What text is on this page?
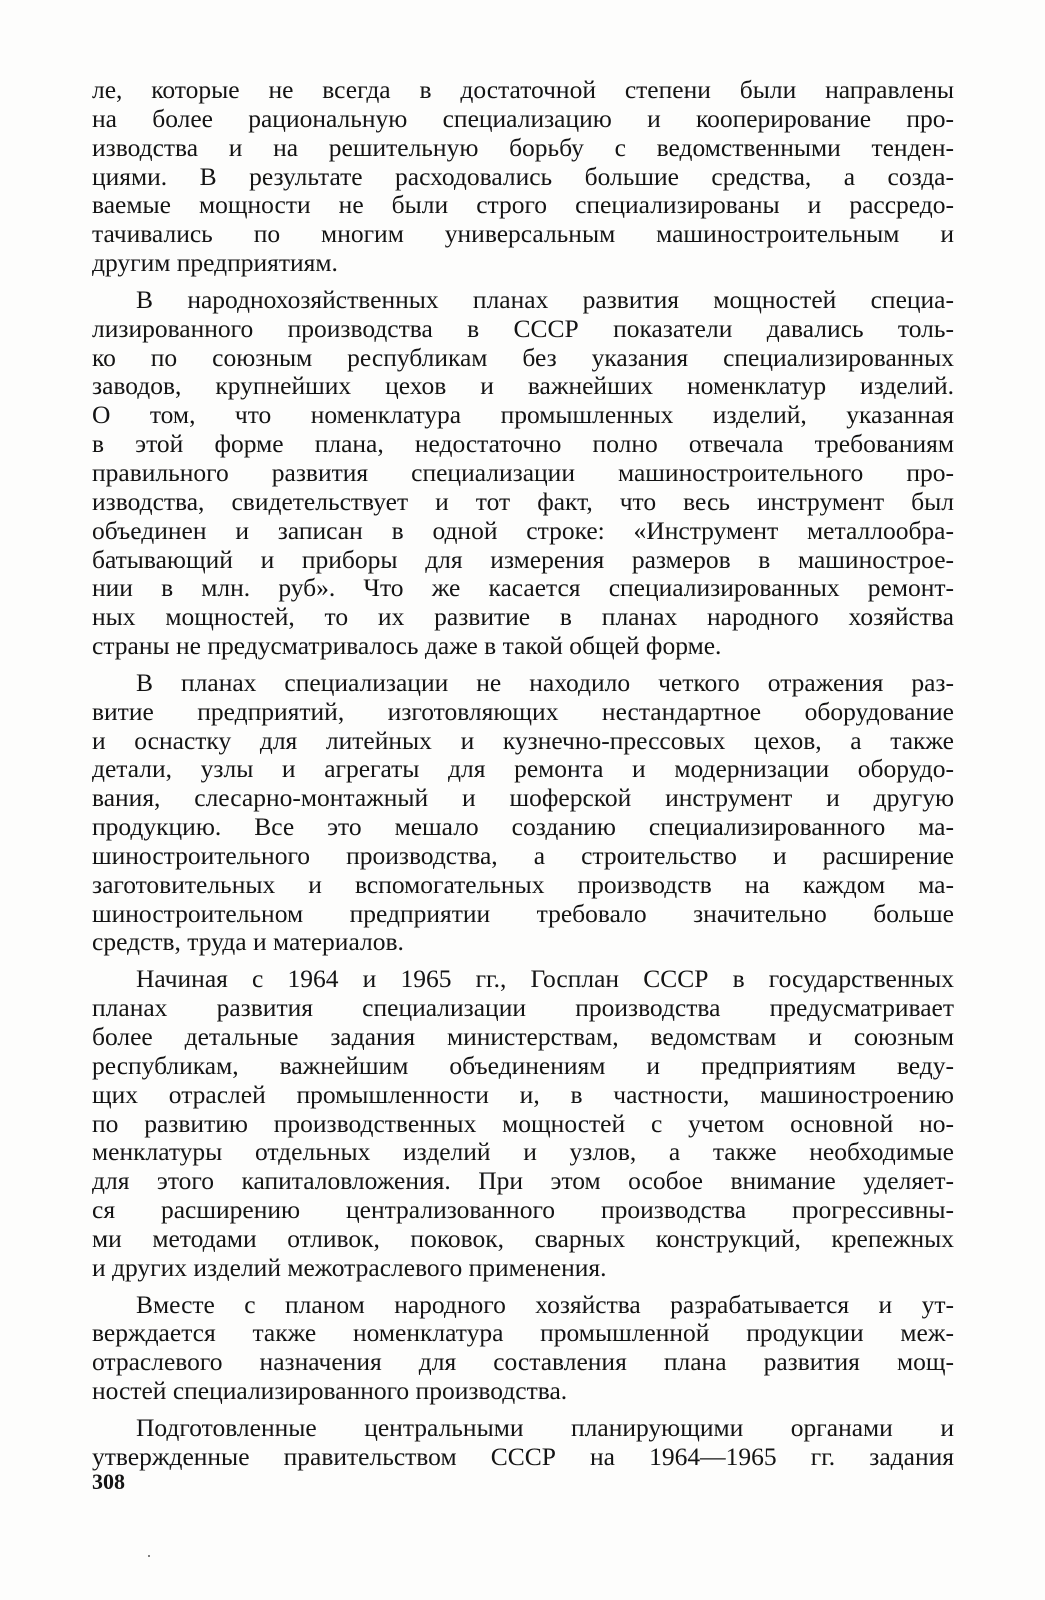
ле, которые не всегда в достаточной степени были направлены
на более рациональную специализацию и кооперирование про-
изводства и на решительную борьбу с ведомственными тенден-
циями. В результате расходовались большие средства, а созда-
ваемые мощности не были строго специализированы и рассредо-
тачивались по многим универсальным машиностроительным и
другим предприятиям.
В народнохозяйственных планах развития мощностей специа-
лизированного производства в СССР показатели давались толь-
ко по союзным республикам без указания специализированных
заводов, крупнейших цехов и важнейших номенклатур изделий.
О том, что номенклатура промышленных изделий, указанная
в этой форме плана, недостаточно полно отвечала требованиям
правильного развития специализации машиностроительного про-
изводства, свидетельствует и тот факт, что весь инструмент был
объединен и записан в одной строке: «Инструмент металлообра-
батывающий и приборы для измерения размеров в машинострое-
нии в млн. руб». Что же касается специализированных ремонт-
ных мощностей, то их развитие в планах народного хозяйства
страны не предусматривалось даже в такой общей форме.
В планах специализации не находило четкого отражения раз-
витие предприятий, изготовляющих нестандартное оборудование
и оснастку для литейных и кузнечно-прессовых цехов, а также
детали, узлы и агрегаты для ремонта и модернизации оборудо-
вания, слесарно-монтажный и шоферской инструмент и другую
продукцию. Все это мешало созданию специализированного ма-
шиностроительного производства, а строительство и расширение
заготовительных и вспомогательных производств на каждом ма-
шиностроительном предприятии требовало значительно больше
средств, труда и материалов.
Начиная с 1964 и 1965 гг., Госплан СССР в государственных
планах развития специализации производства предусматривает
более детальные задания министерствам, ведомствам и союзным
республикам, важнейшим объединениям и предприятиям веду-
щих отраслей промышленности и, в частности, машиностроению
по развитию производственных мощностей с учетом основной но-
менклатуры отдельных изделий и узлов, а также необходимые
для этого капиталовложения. При этом особое внимание уделяет-
ся расширению централизованного производства прогрессивны-
ми методами отливок, поковок, сварных конструкций, крепежных
и других изделий межотраслевого применения.
Вместе с планом народного хозяйства разрабатывается и ут-
верждается также номенклатура промышленной продукции меж-
отраслевого назначения для составления плана развития мощ-
ностей специализированного производства.
Подготовленные центральными планирующими органами и
утвержденные правительством СССР на 1964—1965 гг. задания
308
